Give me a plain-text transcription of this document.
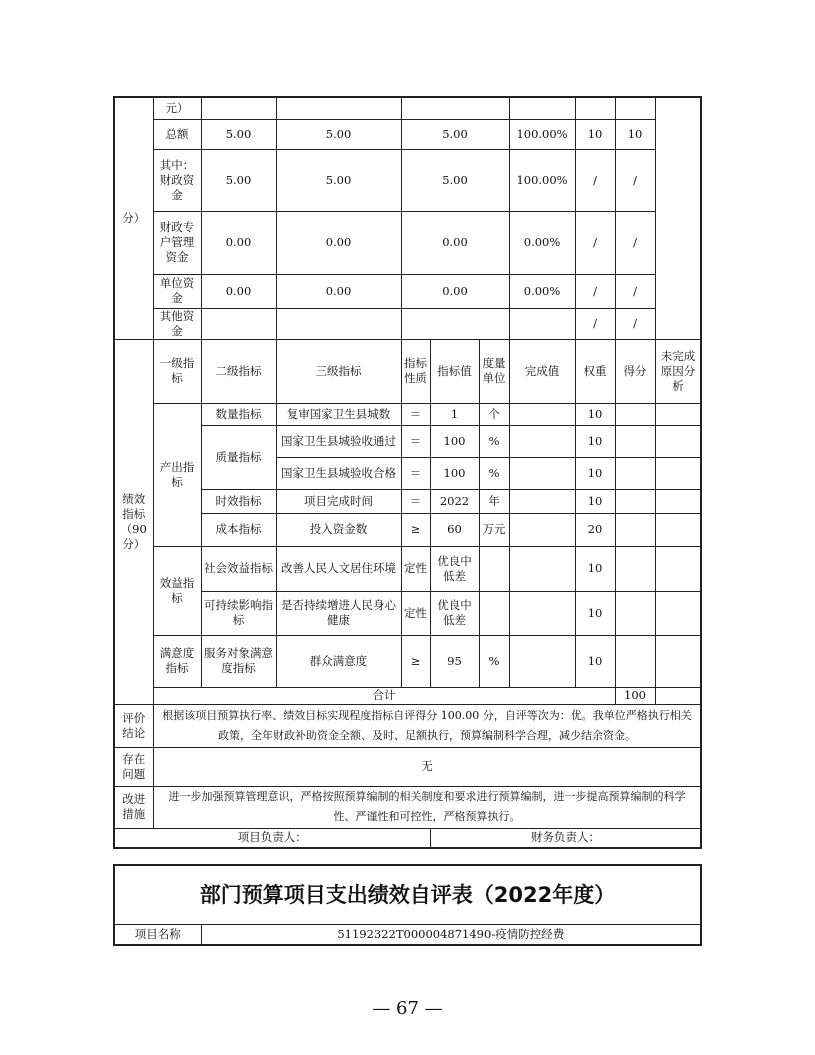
分）	元）										
	总额	5.00	5.00	5.00			100.00%	10	10		
	其中：财政资金	5.00	5.00	5.00			100.00%	/	/		
	财政专户管理资金	0.00	0.00	0.00			0.00%	/	/		
	单位资金	0.00	0.00	0.00			0.00%	/	/		
	其他资金							/	/		
绩效指标（90分）	一级指标	二级指标	三级指标	指标性质	指标值	度量单位	完成值	权重	得分	未完成原因分析	
	产出指标	数量指标	复审国家卫生县城数	＝	1	个		10			
		质量指标	国家卫生县城验收通过	＝	100	%		10			
			国家卫生县城验收合格	＝	100	%		10			
		时效指标	项目完成时间	＝	2022	年		10			
		成本指标	投入资金数	≥	60	万元		20			
	效益指标	社会效益指标	改善人民人文居住环境	定性	优良中低差			10			
		可持续影响指标	是否持续增进人民身心健康	定性	优良中低差			10			
	满意度指标	服务对象满意度指标	群众满意度	≥	95	%		10			
	合计								100		
评价结论	根据该项目预算执行率、绩效目标实现程度指标自评得分 100.00 分，自评等次为：优。我单位严格执行相关政策，全年财政补助资金全额、及时、足额执行，预算编制科学合理，减少结余资金。										
存在问题	无										
改进措施	进一步加强预算管理意识，严格按照预算编制的相关制度和要求进行预算编制，进一步提高预算编制的科学性、严谨性和可控性，严格预算执行。										
项目负责人：					财务负责人：						
部门预算项目支出绩效自评表（2022年度）
项目名称	51192322T000004871490-疫情防控经费
— 67 —
